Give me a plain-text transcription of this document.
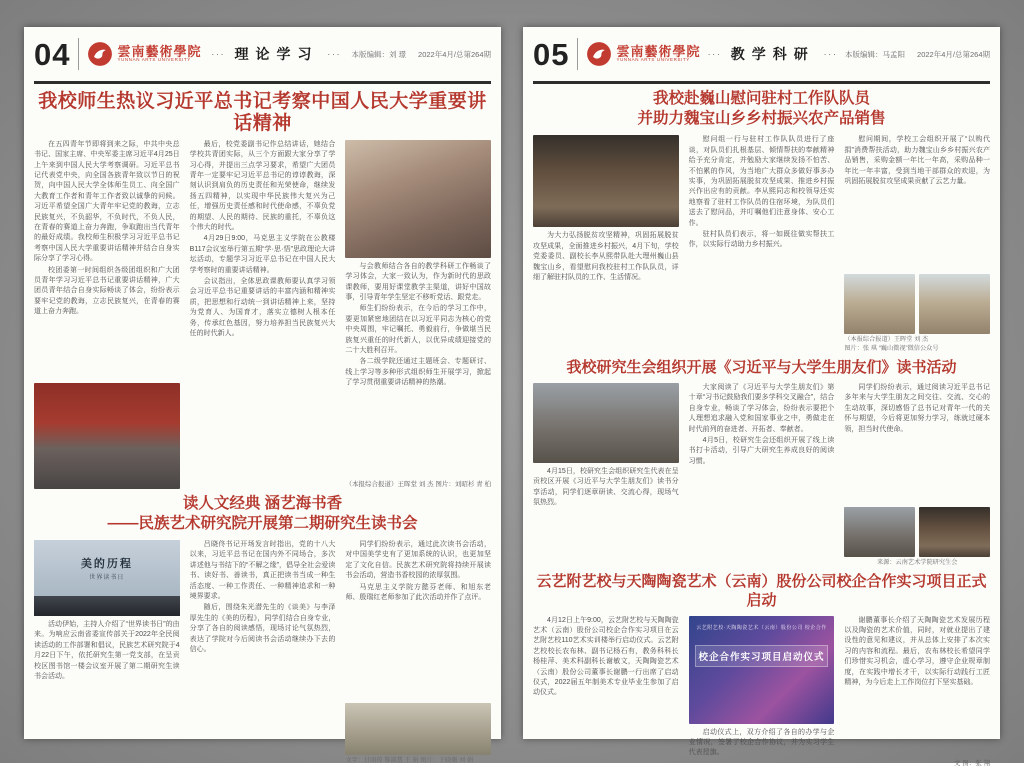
04	雲南藝術學院
YUNNAN ARTS UNIVERSITY
··· 理论学习 ··· 本版编辑：刘 璟 2022年4月/总第264期
我校师生热议习近平总书记考察中国人民大学重要讲话精神

在五四青年节即将到来之际，中共中央总书记、国家主席、中央军委主席习近平4月25日上午来到中国人民大学考察调研。习近平总书记代表党中央，向全国各族青年致以节日的祝贺，向中国人民大学全体师生员工、向全国广大教育工作者和青年工作者致以诚挚的问候。习近平希望全国广大青年牢记党的教诲，立志民族复兴，不负韶华，不负时代，不负人民，在青春的赛道上奋力奔跑，争取跑出当代青年的最好成绩。我校师生积极学习习近平总书记考察中国人民大学重要讲话精神并结合自身实际分享了学习心得。

校团委第一时间组织各级团组织和广大团员青年学习习近平总书记重要讲话精神，广大团员青年结合自身实际畅谈了体会，纷纷表示要牢记党的教诲，立志民族复兴，在青春的赛道上奋力奔跑。

最后，校党委副书记作总结讲话，她结合学校共青团实际，从三个方面跟大家分享了学习心得，并提出三点学习要求，希望广大团员青年一定要牢记习近平总书记的谆谆教诲，深刻认识到肩负的历史责任和光荣使命，继续发扬五四精神，以实现中华民族伟大复兴为己任，增强历史责任感和时代使命感，不辜负党的期望、人民的期待、民族的重托，不辜负这个伟大的时代。

4月29日9:00，马克思主义学院在公教楼B117会议室举行第五期“学·思·悟”思政理论大讲坛活动，专题学习习近平总书记在中国人民大学考察时的重要讲话精神。

会议指出，全体思政课教师要认真学习领会习近平总书记重要讲话的丰富内涵和精神实质，把思想和行动统一到讲话精神上来，坚持为党育人、为国育才，落实立德树人根本任务，传承红色基因，努力培养担当民族复兴大任的时代新人。

与会教师结合各自的教学科研工作畅谈了学习体会，大家一致认为，作为新时代的思政课教师，要用好课堂教学主渠道，讲好中国故事，引导青年学生坚定不移听党话、跟党走。

师生们纷纷表示，在今后的学习工作中，要更加紧密地团结在以习近平同志为核心的党中央周围，牢记嘱托、勇毅前行，争做堪当民族复兴重任的时代新人，以优异成绩迎接党的二十大胜利召开。

各二级学院还通过主题班会、专题研讨、线上学习等多种形式组织师生开展学习，掀起了学习贯彻重要讲话精神的热潮。

（本报综合报道）王晖堂 刘 杰 图片：刘昭杉 青 柏
读人文经典 涵艺海书香
——民族艺术研究院开展第二期研究生读书会
美的历程
世界读书日

活动伊始，主持人介绍了“世界读书日”的由来。为响应云南省委宣传部关于2022年全民阅读活动的工作部署和倡议，民族艺术研究院于4月22日下午，依托研究生第一党支部，在呈贡校区图书馆一楼会议室开展了第二期研究生读书会活动。

吕晓佟书记开场发言时指出，党的十八大以来，习近平总书记在国内外不同场合，多次讲述他与书结下的“不解之缘”，倡导全社会爱读书、读好书、善读书，真正把读书当成一种生活态度、一种工作责任、一种精神追求和一种境界要求。

随后，围绕朱光潜先生的《谈美》与李泽厚先生的《美的历程》，同学们结合自身专业，分享了各自的阅读感悟，现场讨论气氛热烈，表达了学院对今后阅读书会活动继续办下去的信心。

同学们纷纷表示，通过此次读书会活动，对中国美学史有了更加系统的认识，也更加坚定了文化自信。民族艺术研究院将持续开展读书会活动，营造书香校园的浓厚氛围。

马克思主义学院方懿芬老师、和旭东老师、殷瑞红老师参加了此次活动并作了点评。

文字：甘雨琼 黎淑慧 王 娟 图片：于晓珊 刘 娟
05	雲南藝術學院
YUNNAN ARTS UNIVERSITY
··· 教学科研 ··· 本版编辑：马孟阳 2022年4月/总第264期
我校赴巍山慰问驻村工作队队员
并助力魏宝山乡乡村振兴农产品销售

为大力弘扬脱贫攻坚精神，巩固拓展脱贫攻坚成果，全面推进乡村振兴，4月下旬，学校党委委员、副校长李从熙带队赴大理州巍山县魏宝山乡，看望慰问我校驻村工作队队员，详细了解驻村队员的工作、生活情况。

慰问组一行与驻村工作队队员进行了座谈，对队员们扎根基层、倾情帮扶的奉献精神给予充分肯定，并勉励大家继续发扬不怕苦、不怕累的作风，为当地广大群众多做好事多办实事，为巩固拓展脱贫攻坚成果、推进乡村振兴作出应有的贡献。李从熙同志和校领导还实地察看了驻村工作队员的住宿环境，为队员们送去了慰问品，并叮嘱他们注意身体、安心工作。

驻村队员们表示，将一如既往做实帮扶工作，以实际行动助力乡村振兴。

慰问期间，学校工会组织开展了“以购代捐”消费帮扶活动，助力魏宝山乡乡村振兴农产品销售，采购金额一年比一年高，采购品种一年比一年丰富，受到当地干部群众的欢迎，为巩固拓展脱贫攻坚成果贡献了云艺力量。

（本报综合报道）王晖堂 刘 杰
图片：张 琪 “巍山微视”微信公众号
我校研究生会组织开展《习近平与大学生朋友们》读书活动

4月15日，校研究生会组织研究生代表在呈贡校区开展《习近平与大学生朋友们》读书分享活动，同学们逐章研读、交流心得，现场气氛热烈。

大家阅读了《习近平与大学生朋友们》第十章“习书记鼓励我们要多学科交叉融合”，结合自身专业，畅谈了学习体会，纷纷表示要把个人理想追求融入党和国家事业之中，勇做走在时代前列的奋进者、开拓者、奉献者。

4月5日，校研究生会还组织开展了线上读书打卡活动，引导广大研究生养成良好的阅读习惯。

同学们纷纷表示，通过阅读习近平总书记多年来与大学生朋友之间交往、交流、交心的生动故事，深切感悟了总书记对青年一代的关怀与期望，今后将更加努力学习，练就过硬本领，担当时代使命。

来源：云南艺术学院研究生会
云艺附艺校与天陶陶瓷艺术（云南）股份公司校企合作实习项目正式启动

4月12日上午9:00，云艺附艺校与天陶陶瓷艺术（云南）股份公司校企合作实习项目在云艺附艺校110艺术实训楼举行启动仪式。云艺附艺校校长农布林、副书记杨石有，教务科科长杨桂萍、美术科副科长谢敏文，天陶陶瓷艺术（云南）股份公司董事长谢鹏一行出席了启动仪式，2022届五年制美术专业毕业生参加了启动仪式。

云艺附艺校·天陶陶瓷艺术（云南）股份公司 校企合作
校企合作实习项目启动仪式

启动仪式上，双方介绍了各自的办学与企业情况，签署了校企合作协议，并为实习学生代表授旗。

谢鹏董事长介绍了天陶陶瓷艺术发展历程以及陶瓷的艺术价值，同时，对就业提出了建设性的意见和建议，并从总体上安排了本次实习的内容和流程。最后，农布林校长希望同学们珍惜实习机会，虚心学习，遵守企业规章制度，在实践中增长才干，以实际行动践行工匠精神，为今后走上工作岗位打下坚实基础。

文 图：张 翔
